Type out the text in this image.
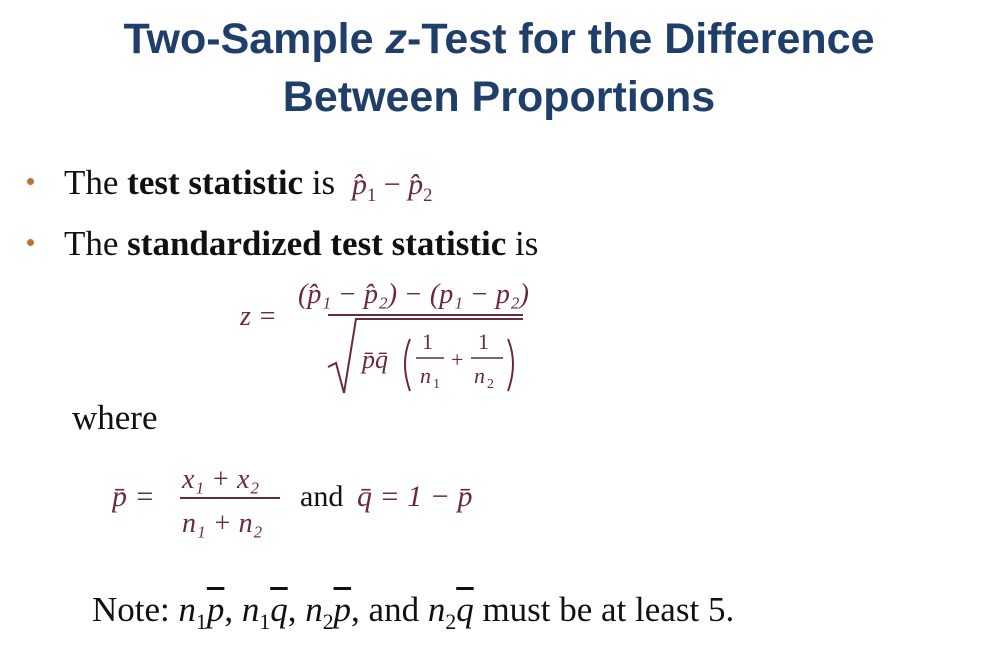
Two-Sample z-Test for the Difference
Between Proportions
The test statistic is $p̂_1$ − $p̂_2$
The standardized test statistic is
z =
(p̂₁ − p̂₂) − (p₁ − p₂)
p̄q̄
1
n 1
+
1
n 2
where
p̄ =
x₁ + x₂
n₁ + n₂
and q̄ = 1 − p̄
Note: $n_1\overline{p}$, $n_1\overline{q}$, $n_2\overline{p}$, and $n_2\overline{q}$ must be at least 5.
